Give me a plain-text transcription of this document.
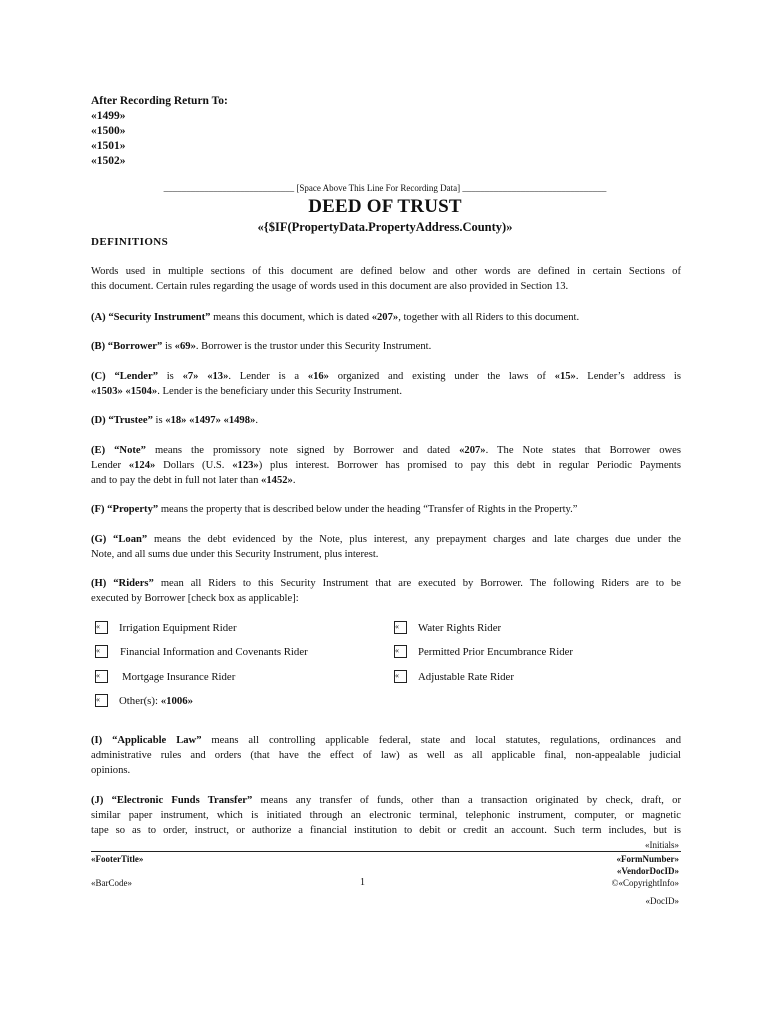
After Recording Return To:
«1499»
«1500»
«1501»
«1502»
_____________________________ [Space Above This Line For Recording Data] ________________________________
DEED OF TRUST
«{$IF(PropertyData.PropertyAddress.County)»
DEFINITIONS
Words used in multiple sections of this document are defined below and other words are defined in certain Sections of
this document. Certain rules regarding the usage of words used in this document are also provided in Section 13.
(A) “Security Instrument” means this document, which is dated «207», together with all Riders to this document.
(B) “Borrower” is «69». Borrower is the trustor under this Security Instrument.
(C) “Lender” is «7» «13». Lender is a «16» organized and existing under the laws of «15». Lender’s address is
«1503» «1504». Lender is the beneficiary under this Security Instrument.
(D) “Trustee” is «18» «1497» «1498».
(E) “Note” means the promissory note signed by Borrower and dated «207». The Note states that Borrower owes
Lender «124» Dollars (U.S. «123») plus interest. Borrower has promised to pay this debt in regular Periodic Payments
and to pay the debt in full not later than «1452».
(F) “Property” means the property that is described below under the heading “Transfer of Rights in the Property.”
(G) “Loan” means the debt evidenced by the Note, plus interest, any prepayment charges and late charges due under the
Note, and all sums due under this Security Instrument, plus interest.
(H) “Riders” mean all Riders to this Security Instrument that are executed by Borrower. The following Riders are to be
executed by Borrower [check box as applicable]:
«	Irrigation Equipment Rider	«	Water Rights Rider
«	Financial Information and Covenants Rider	«	Permitted Prior Encumbrance Rider
«	Mortgage Insurance Rider	«	Adjustable Rate Rider
«	Other(s): «1006»
(I) “Applicable Law” means all controlling applicable federal, state and local statutes, regulations, ordinances and
administrative rules and orders (that have the effect of law) as well as all applicable final, non-appealable judicial
opinions.
(J) “Electronic Funds Transfer” means any transfer of funds, other than a transaction originated by check, draft, or
similar paper instrument, which is initiated through an electronic terminal, telephonic instrument, computer, or magnetic
tape so as to order, instruct, or authorize a financial institution to debit or credit an account. Such term includes, but is
«Initials»
«FooterTitle»	«FormNumber»
«VendorDocID»
«BarCode»	1	©«CopyrightInfo»
«DocID»
